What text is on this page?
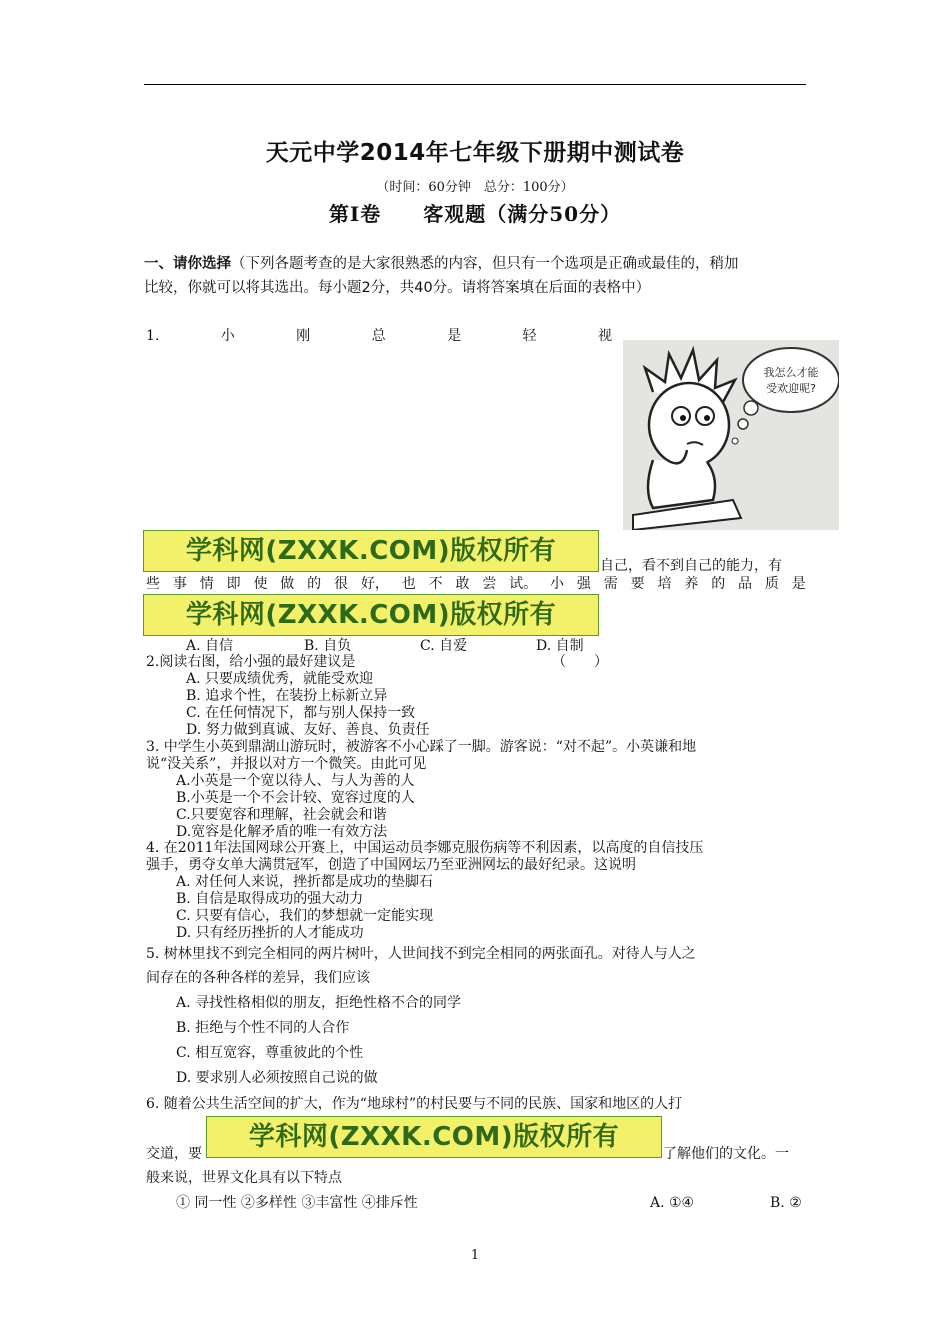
天元中学2014年七年级下册期中测试卷
（时间：60分钟　总分：100分）
第Ⅰ卷　　客观题（满分50分）
一、请你选择（下列各题考查的是大家很熟悉的内容，但只有一个选项是正确或最佳的，稍加
比较，你就可以将其选出。每小题2分，共40分。请将答案填在后面的表格中）
1.	小	刚	总	是	轻	视
我怎么才能
受欢迎呢?
学科网(ZXXK.COM)版权所有	自己，看不到自己的能力，有
些 事 情 即 使 做 的 很 好， 也 不 敢 尝 试。 小 强 需 要 培 养 的 品 质 是
学科网(ZXXK.COM)版权所有
A. 自信	B. 自负	C. 自爱	D. 自制
2.阅读右图，给小强的最好建议是	（　　）
A. 只要成绩优秀，就能受欢迎
B. 追求个性，在装扮上标新立异
C. 在任何情况下，都与别人保持一致
D. 努力做到真诚、友好、善良、负责任
3. 中学生小英到鼎湖山游玩时，被游客不小心踩了一脚。游客说：“对不起”。小英谦和地
说“没关系”，并报以对方一个微笑。由此可见
A.小英是一个宽以待人、与人为善的人
B.小英是一个不会计较、宽容过度的人
C.只要宽容和理解，社会就会和谐
D.宽容是化解矛盾的唯一有效方法
4. 在2011年法国网球公开赛上，中国运动员李娜克服伤病等不利因素，以高度的自信技压
强手，勇夺女单大满贯冠军，创造了中国网坛乃至亚洲网坛的最好纪录。这说明
A. 对任何人来说，挫折都是成功的垫脚石
B. 自信是取得成功的强大动力
C. 只要有信心，我们的梦想就一定能实现
D. 只有经历挫折的人才能成功
5. 树林里找不到完全相同的两片树叶，人世间找不到完全相同的两张面孔。对待人与人之
间存在的各种各样的差异，我们应该
A. 寻找性格相似的朋友，拒绝性格不合的同学
B. 拒绝与个性不同的人合作
C. 相互宽容，尊重彼此的个性
D. 要求别人必须按照自己说的做
6. 随着公共生活空间的扩大，作为“地球村”的村民要与不同的民族、国家和地区的人打
交道，要
学科网(ZXXK.COM)版权所有
了解他们的文化。一
般来说，世界文化具有以下特点
① 同一性 ②多样性 ③丰富性 ④排斥性	A. ①④	B. ②
1
